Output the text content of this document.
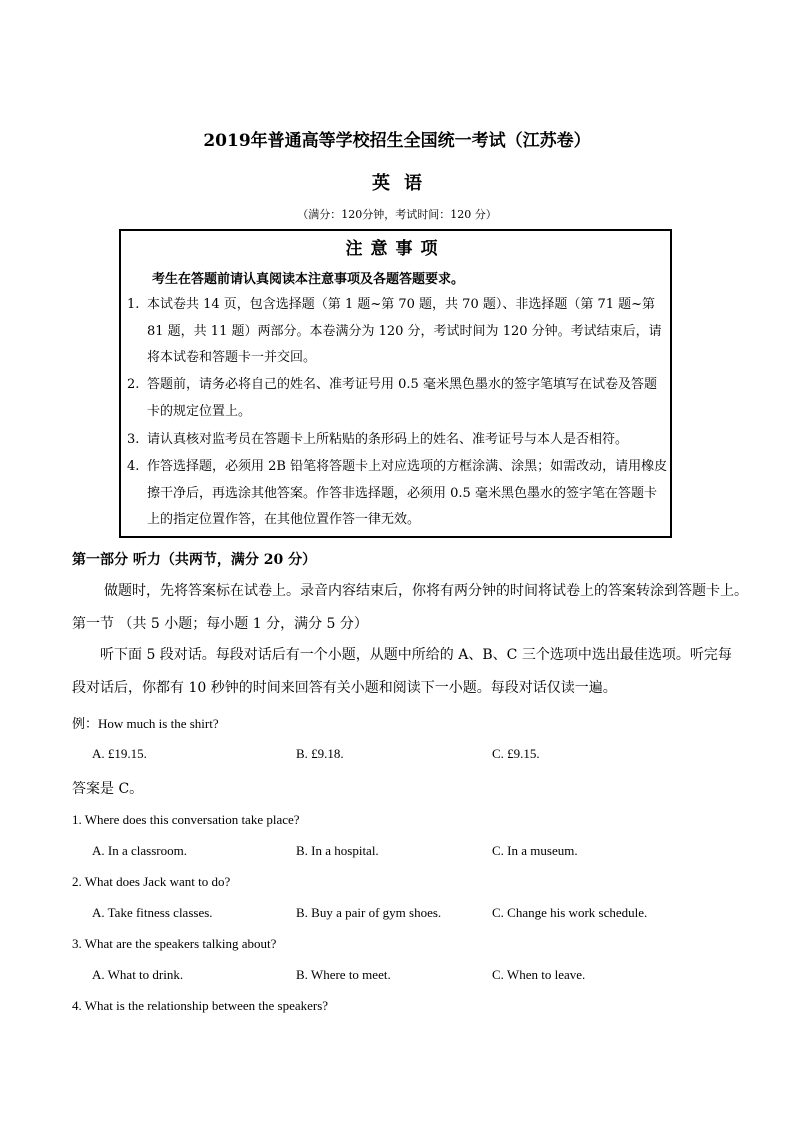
2019年普通高等学校招生全国统一考试（江苏卷）
英语
（满分：120分钟，考试时间：120 分）
注意事项
考生在答题前请认真阅读本注意事项及各题答题要求。
1. 本试卷共 14 页，包含选择题（第 1 题~第 70 题，共 70 题）、非选择题（第 71 题~第 81 题，共 11 题）两部分。本卷满分为 120 分，考试时间为 120 分钟。考试结束后，请将本试卷和答题卡一并交回。
2. 答题前，请务必将自己的姓名、准考证号用 0.5 毫米黑色墨水的签字笔填写在试卷及答题卡的规定位置上。
3. 请认真核对监考员在答题卡上所粘贴的条形码上的姓名、准考证号与本人是否相符。
4. 作答选择题，必须用 2B 铅笔将答题卡上对应选项的方框涂满、涂黑；如需改动，请用橡皮擦干净后，再选涂其他答案。作答非选择题，必须用 0.5 毫米黑色墨水的签字笔在答题卡上的指定位置作答，在其他位置作答一律无效。
第一部分 听力（共两节，满分 20 分）
做题时，先将答案标在试卷上。录音内容结束后，你将有两分钟的时间将试卷上的答案转涂到答题卡上。
第一节 （共 5 小题；每小题 1 分，满分 5 分）
听下面 5 段对话。每段对话后有一个小题，从题中所给的 A、B、C 三个选项中选出最佳选项。听完每段对话后，你都有 10 秒钟的时间来回答有关小题和阅读下一小题。每段对话仅读一遍。
例：How much is the shirt?
A. £19.15.	B. £9.18.	C. £9.15.
答案是 C。
1. Where does this conversation take place?
A. In a classroom.	B. In a hospital.	C. In a museum.
2. What does Jack want to do?
A. Take fitness classes.	B. Buy a pair of gym shoes.	C. Change his work schedule.
3. What are the speakers talking about?
A. What to drink.	B. Where to meet.	C. When to leave.
4. What is the relationship between the speakers?
